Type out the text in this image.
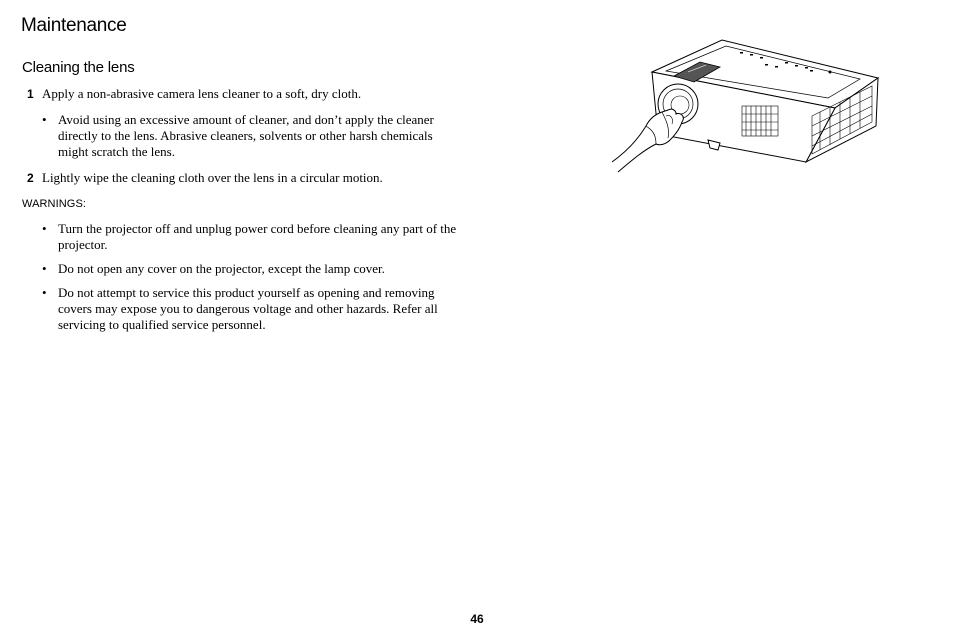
Maintenance
Cleaning the lens
1 Apply a non-abrasive camera lens cleaner to a soft, dry cloth.
• Avoid using an excessive amount of cleaner, and don’t apply the cleaner directly to the lens. Abrasive cleaners, solvents or other harsh chemicals might scratch the lens.
2 Lightly wipe the cleaning cloth over the lens in a circular motion.
WARNINGS:
• Turn the projector off and unplug power cord before cleaning any part of the projector.
• Do not open any cover on the projector, except the lamp cover.
• Do not attempt to service this product yourself as opening and removing covers may expose you to dangerous voltage and other hazards. Refer all servicing to qualified service personnel.
46
